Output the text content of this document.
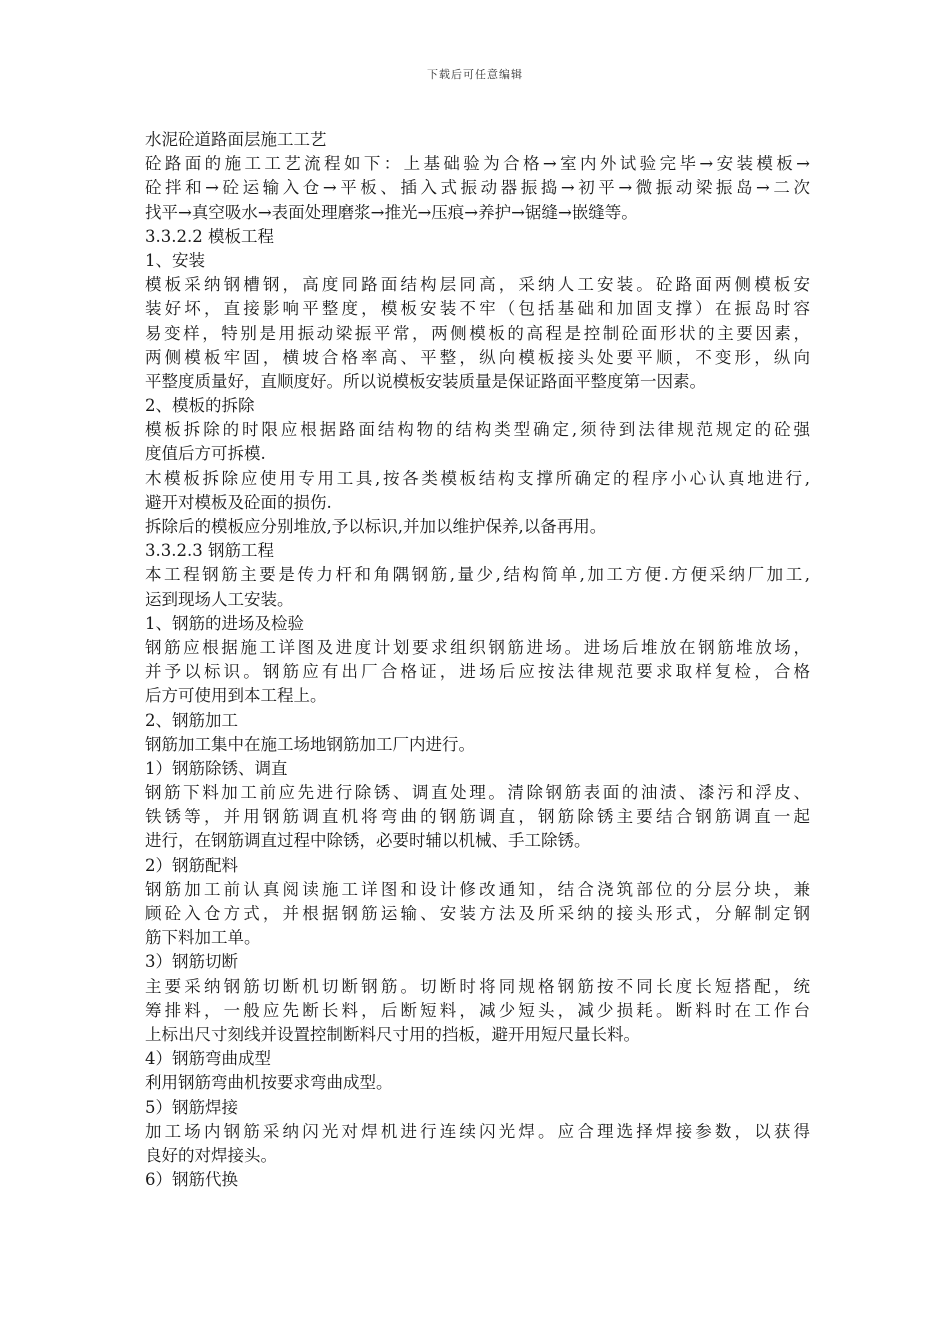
下载后可任意编辑
水泥砼道路面层施工工艺
砼路面的施工工艺流程如下：上基础验为合格→室内外试验完毕→安装模板→
砼拌和→砼运输入仓→平板、插入式振动器振捣→初平→微振动梁振岛→二次
找平→真空吸水→表面处理磨浆→推光→压痕→养护→锯缝→嵌缝等。
3.3.2.2 模板工程
1、安装
模板采纳钢槽钢，高度同路面结构层同高，采纳人工安装。砼路面两侧模板安
装好坏，直接影响平整度，模板安装不牢（包括基础和加固支撑）在振岛时容
易变样，特别是用振动梁振平常，两侧模板的高程是控制砼面形状的主要因素，
两侧模板牢固，横坡合格率高、平整，纵向模板接头处要平顺，不变形，纵向
平整度质量好，直顺度好。所以说模板安装质量是保证路面平整度第一因素。
2、模板的拆除
模板拆除的时限应根据路面结构物的结构类型确定,须待到法律规范规定的砼强
度值后方可拆模.
木模板拆除应使用专用工具,按各类模板结构支撑所确定的程序小心认真地进行,
避开对模板及砼面的损伤.
拆除后的模板应分别堆放,予以标识,并加以维护保养,以备再用。
3.3.2.3 钢筋工程
本工程钢筋主要是传力杆和角隅钢筋,量少,结构简单,加工方便.方便采纳厂加工,
运到现场人工安装。
1、钢筋的进场及检验
钢筋应根据施工详图及进度计划要求组织钢筋进场。进场后堆放在钢筋堆放场，
并予以标识。钢筋应有出厂合格证，进场后应按法律规范要求取样复检，合格
后方可使用到本工程上。
2、钢筋加工
钢筋加工集中在施工场地钢筋加工厂内进行。
1）钢筋除锈、调直
钢筋下料加工前应先进行除锈、调直处理。清除钢筋表面的油渍、漆污和浮皮、
铁锈等，并用钢筋调直机将弯曲的钢筋调直，钢筋除锈主要结合钢筋调直一起
进行，在钢筋调直过程中除锈，必要时辅以机械、手工除锈。
2）钢筋配料
钢筋加工前认真阅读施工详图和设计修改通知，结合浇筑部位的分层分块，兼
顾砼入仓方式，并根据钢筋运输、安装方法及所采纳的接头形式，分解制定钢
筋下料加工单。
3）钢筋切断
主要采纳钢筋切断机切断钢筋。切断时将同规格钢筋按不同长度长短搭配，统
筹排料，一般应先断长料，后断短料，减少短头，减少损耗。断料时在工作台
上标出尺寸刻线并设置控制断料尺寸用的挡板，避开用短尺量长料。
4）钢筋弯曲成型
利用钢筋弯曲机按要求弯曲成型。
5）钢筋焊接
加工场内钢筋采纳闪光对焊机进行连续闪光焊。应合理选择焊接参数，以获得
良好的对焊接头。
6）钢筋代换
